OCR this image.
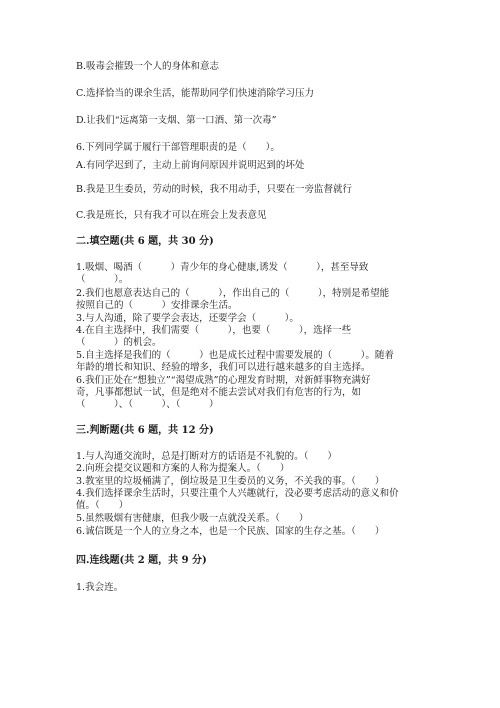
B.吸毒会摧毁一个人的身体和意志
C.选择恰当的课余生活，能帮助同学们快速消除学习压力
D.让我们“远离第一支烟、第一口酒、第一次毒”
6.下列同学属于履行干部管理职责的是（　　）。
A.有同学迟到了，主动上前询问原因并说明迟到的坏处
B.我是卫生委员，劳动的时候，我不用动手，只要在一旁监督就行
C.我是班长，只有我才可以在班会上发表意见
二.填空题(共 6 题，共 30 分)
1.吸烟、喝酒（　　　）青少年的身心健康,诱发（　　　），甚至导致
（　　　）。
2.我们也愿意表达自己的（　　　），作出自己的（　　　），特别是希望能
按照自己的（　　　）安排课余生活。
3.与人沟通，除了要学会表达，还要学会（　　　）。
4.在自主选择中，我们需要（　　　），也要（　　　），选择一些
（　　　）的机会。
5.自主选择是我们的（　　　）也是成长过程中需要发展的（　　　）。随着
年龄的增长和知识、经验的增多，我们可以进行越来越多的自主选择。
6.我们正处在“想独立”“渴望成熟”的心理发育时期，对新鲜事物充满好
奇，凡事都想试一试，但是绝对不能去尝试对我们有危害的行为，如
（　　　）、（　　　）、（　　　）
三.判断题(共 6 题，共 12 分)
1.与人沟通交流时，总是打断对方的话语是不礼貌的。（　　）
2.向班会提交议题和方案的人称为提案人。（　　）
3.教室里的垃圾桶满了，倒垃圾是卫生委员的义务，不关我的事。（　　）
4.我们选择课余生活时，只要注重个人兴趣就行，没必要考虑活动的意义和价
值。（　　）
5.虽然吸烟有害健康，但我少吸一点就没关系。（　　）
6.诚信既是一个人的立身之本，也是一个民族、国家的生存之基。（　　）
四.连线题(共 2 题，共 9 分)
1.我会连。
